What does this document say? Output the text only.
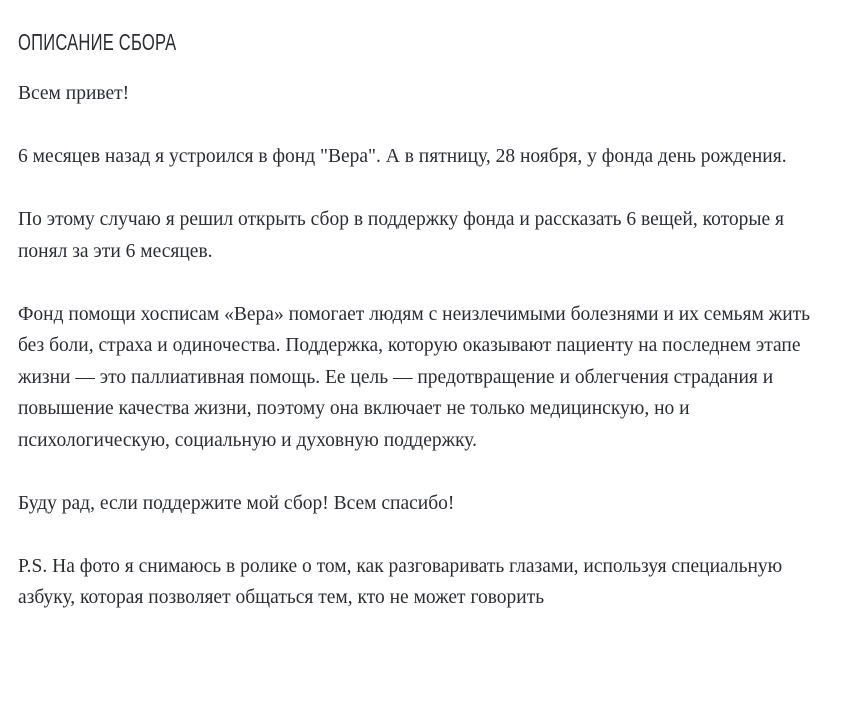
ОПИСАНИЕ СБОРА

Всем привет!

6 месяцев назад я устроился в фонд "Вера". А в пятницу, 28 ноября, у фонда день рождения.

По этому случаю я решил открыть сбор в поддержку фонда и рассказать 6 вещей, которые я понял за эти 6 месяцев.

Фонд помощи хосписам «Вера» помогает людям с неизлечимыми болезнями и их семьям жить без боли, страха и одиночества. Поддержка, которую оказывают пациенту на последнем этапе жизни — это паллиативная помощь. Ее цель — предотвращение и облегчения страдания и повышение качества жизни, поэтому она включает не только медицинскую, но и психологическую, социальную и духовную поддержку.

Буду рад, если поддержите мой сбор! Всем спасибо!

P.S. На фото я снимаюсь в ролике о том, как разговаривать глазами, используя специальную азбуку, которая позволяет общаться тем, кто не может говорить
